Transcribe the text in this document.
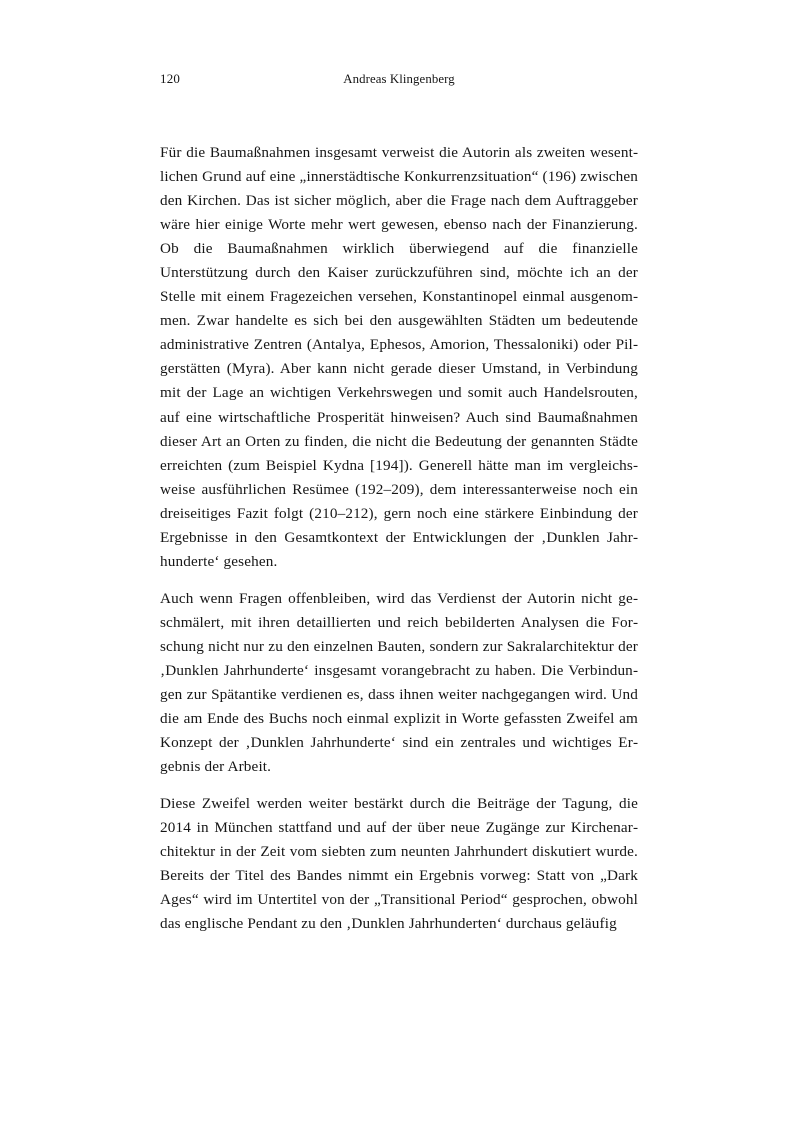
120	Andreas Klingenberg

Für die Baumaßnahmen insgesamt verweist die Autorin als zweiten wesentlichen Grund auf eine „innerstädtische Konkurrenzsituation“ (196) zwischen den Kirchen. Das ist sicher möglich, aber die Frage nach dem Auftraggeber wäre hier einige Worte mehr wert gewesen, ebenso nach der Finanzierung. Ob die Baumaßnahmen wirklich überwiegend auf die finanzielle Unterstützung durch den Kaiser zurückzuführen sind, möchte ich an der Stelle mit einem Fragezeichen versehen, Konstantinopel einmal ausgenommen. Zwar handelte es sich bei den ausgewählten Städten um bedeutende administrative Zentren (Antalya, Ephesos, Amorion, Thessaloniki) oder Pilgerstätten (Myra). Aber kann nicht gerade dieser Umstand, in Verbindung mit der Lage an wichtigen Verkehrswegen und somit auch Handelsrouten, auf eine wirtschaftliche Prosperität hinweisen? Auch sind Baumaßnahmen dieser Art an Orten zu finden, die nicht die Bedeutung der genannten Städte erreichten (zum Beispiel Kydna [194]). Generell hätte man im vergleichsweise ausführlichen Resümee (192–209), dem interessanterweise noch ein dreiseitiges Fazit folgt (210–212), gern noch eine stärkere Einbindung der Ergebnisse in den Gesamtkontext der Entwicklungen der ‚Dunklen Jahrhunderte‘ gesehen.

Auch wenn Fragen offenbleiben, wird das Verdienst der Autorin nicht geschmälert, mit ihren detaillierten und reich bebilderten Analysen die Forschung nicht nur zu den einzelnen Bauten, sondern zur Sakralarchitektur der ‚Dunklen Jahrhunderte‘ insgesamt vorangebracht zu haben. Die Verbindungen zur Spätantike verdienen es, dass ihnen weiter nachgegangen wird. Und die am Ende des Buchs noch einmal explizit in Worte gefassten Zweifel am Konzept der ‚Dunklen Jahrhunderte‘ sind ein zentrales und wichtiges Ergebnis der Arbeit.

Diese Zweifel werden weiter bestärkt durch die Beiträge der Tagung, die 2014 in München stattfand und auf der über neue Zugänge zur Kirchenarchitektur in der Zeit vom siebten zum neunten Jahrhundert diskutiert wurde. Bereits der Titel des Bandes nimmt ein Ergebnis vorweg: Statt von „Dark Ages“ wird im Untertitel von der „Transitional Period“ gesprochen, obwohl das englische Pendant zu den ‚Dunklen Jahrhunderten‘ durchaus geläufig
